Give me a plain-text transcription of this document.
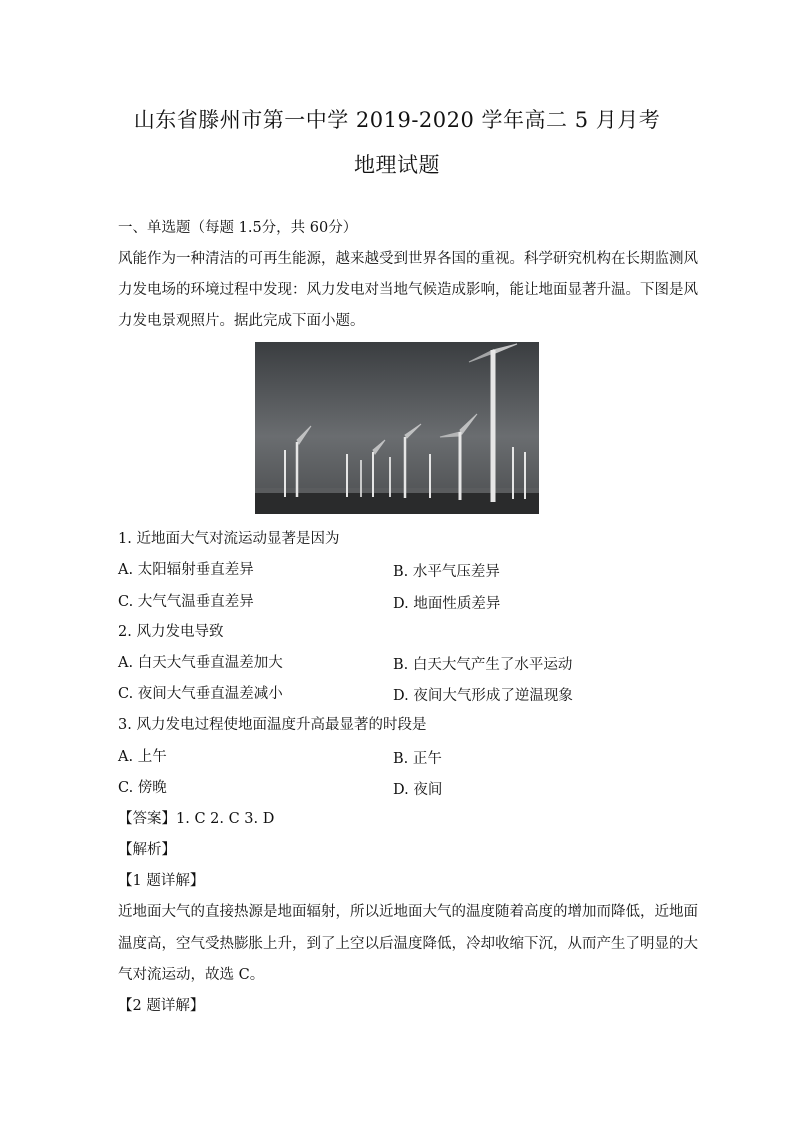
山东省滕州市第一中学 2019-2020 学年高二 5 月月考
地理试题
一、单选题（每题 1.5分，共 60分）
风能作为一种清洁的可再生能源，越来越受到世界各国的重视。科学研究机构在长期监测风
力发电场的环境过程中发现：风力发电对当地气候造成影响，能让地面显著升温。下图是风
力发电景观照片。据此完成下面小题。
1. 近地面大气对流运动显著是因为
A. 太阳辐射垂直差异	B. 水平气压差异
C. 大气气温垂直差异	D. 地面性质差异
2. 风力发电导致
A. 白天大气垂直温差加大	B. 白天大气产生了水平运动
C. 夜间大气垂直温差减小	D. 夜间大气形成了逆温现象
3. 风力发电过程使地面温度升高最显著的时段是
A. 上午	B. 正午
C. 傍晚	D. 夜间
【答案】1. C 2. C 3. D
【解析】
【1 题详解】
近地面大气的直接热源是地面辐射，所以近地面大气的温度随着高度的增加而降低，近地面
温度高，空气受热膨胀上升，到了上空以后温度降低，冷却收缩下沉，从而产生了明显的大
气对流运动，故选 C。
【2 题详解】
